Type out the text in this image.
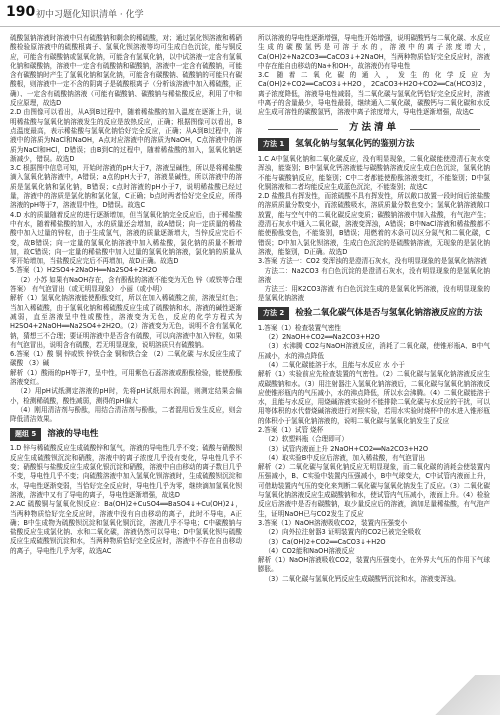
190 初中习题化知识清单 · 化学

硫酸氢钠溶液时溶液中只有硫酸钠和剩余的稀硫酸，对；通过氯化钡溶液和稀硝酸检验原溶液中的硫酸根离子、氢氧化钡溶液等均可生成白色沉淀，能与铜反应，可能含有碳酸钠或氢氧化钠，可能含有氢氧化钠，以中试溶液一定含有氢氧化钠和碳酸钠，溶液中一定含有硫酸钠和碳酸钠，溶液中一定含有硫酸钠，可能含有碳酸钠时产生了氢氧化钠和氯化钠，可能含有碳酸钠、硫酸钠的可能只有碳酸根，则溶液中一定不含的阴离子是硫酸根离子（分析该溶液中加入稀硫酸，正确）、一定含有硫酸钠溶液（可能有碳酸钠、碳酸钠与稀盐酸反应，利用了中和反应原理，故选D

2.D 由图像可以看出，从A到B过程中，随着稀盐酸的加入温度在逐渐上升，说明稀盐酸与氢氧化钠溶液发生的反应是放热反应，正确；根据图像可以看出，B点温度最高，表示稀盐酸与氢氧化钠恰好完全反应，正确；从A到B过程中，溶液中的溶质为NaCl和NaOH，A点对应溶液中的溶质为NaOH，C点溶液中的溶质为NaCl和HCl，D错误；由B到C的过程中，随着稀盐酸的加入，氢氧化钠逐渐减少，错误。故选D

3.C 根据图中信息可知，开始时溶液的pH大于7，溶液呈碱性，所以是将稀盐酸滴入氢氧化钠溶液中，A错误；a点的pH大于7，溶液显碱性，所以溶液中的溶质是氢氧化钠和氯化钠，B错误；c点时溶液的pH小于7，说明稀盐酸已经过量，溶液中的溶质是氯化钠和氯化氢，C正确；b点时两者恰好完全反应，所得溶液的pH等于7，溶液显中性，D错误。故选C

4.D 水的质量随着反应的进行逐渐增加，但当氢氧化钠完全反应后，由于稀盐酸中有水，随着稀盐酸的加入，水的质量还会增加，故A错误；向一定质量的稀盐酸中加入过量的锌粒，由于生成氢气，溶液的质量逐渐增大，当锌反应完后不变，故B错误；向一定量的氢氧化钠溶液中加入稀盐酸，氯化钠的质量不断增加，故C错误；向一定量的稀盐酸中加入过量的氢氧化钠溶液，氯化钠的质量从零开始增加，当盐酸反应完后不再增加，故D正确。故选D

5.答案（1）H2SO4+2NaOH══Na2SO4+2H2O

（2）小苏 如果有NaOH存在，含有酚酞的溶液不能变为无色 锌（或铁等合理答案） 有气泡冒出（或无明显现象） 小丽（或小明）

解析（1）氢氧化钠溶液能使酚酞变红，所以在加入稀硫酸之前，溶液呈红色；当加入稀硫酸，由于氢氧化钠和稀硫酸反应生成了硫酸钠和水，溶液的碱性逐渐减弱，直至溶液呈中性或酸性，溶液变为无色，反应的化学方程式为H2SO4+2NaOH══Na2SO4+2H2O。（2）溶液变为无色，说明不含有氢氧化钠，猜想三不合理；要证明溶液中是否含有硫酸，可以向溶液中加入锌粒，如果有气泡冒出，说明含有硫酸，若无明显现象，说明溶质只有硫酸钠。

6.答案（1）酸 铜 锌或铁 锌铁合金 铜和铁合金 （2）二氧化碳 与水反应生成了碳酸 （3）碱

解析（1）酸雨的pH等于7，呈中性，可用紫色石蕊溶液或酚酞检验，能使酚酞溶液变红。

（2）用pH试纸测定溶液的pH时，先将pH试纸用水润湿，则测定结果会偏小，检测稀硫酸，酸性减弱，测得的pH偏大

（4）刚用清洁剂与酚酞，用结合清洁剂与酚酞，二者混用后发生反应，则会降低清洁效果。

题组 5	溶液的导电性

1.D 锌与稀硫酸反应生成硫酸锌和氢气，溶液的导电性几乎不变；硫酸与硝酸钡反应生成硫酸钡沉淀和硝酸，溶液中的离子浓度几乎没有变化，导电性几乎不变；硝酸银与盐酸反应生成氯化银沉淀和硝酸，溶液中自由移动的离子数目几乎不变，导电性几乎不变；向硫酸溶液中加入氢氧化钡溶液时，生成硫酸钡沉淀和水，导电性逐渐变弱，当恰好完全反应时，导电性几乎为零，继续滴加氢氧化钡溶液，溶液中又有了导电的离子，导电性逐渐增强，故选D

2.AC 硫酸铜与氢氧化钡反应：Ba(OH)2+CuSO4══BaSO4↓+Cu(OH)2↓，当两种物质恰好完全反应时，溶液中没有自由移动的离子，此时不导电，A正确；B中生成物为硫酸钡沉淀和氢氧化铜沉淀，溶液几乎不导电；C中碳酸钠与盐酸反应生成氯化钠、水和二氧化碳，溶液仍然可以导电；D中氢氧化钡与硫酸反应生成硫酸钡沉淀和水，当两种物质恰好完全反应时，溶液中不存在自由移动的离子，导电性几乎为零，故选AC

所以溶液的导电性逐渐增强，导电性开始增强，说明碳酸钙与二氧化碳、水反应生成的碳酸氢钙是可溶于水的，溶液中的离子浓度增大，Ca(OH)2+Na2CO3══CaCO3↓+2NaOH，当两种物质恰好完全反应时，溶液中存在能自由移动的Na+和OH-，故溶液仍有导电性

3.C 随着二氧化碳的通入，发生的化学反应为Ca(OH)2+CO2══CaCO3↓+H2O，2CaCO3+H2O+CO2══Ca(HCO3)2，离子浓度降低，溶液导电性减弱，当二氧化碳与氢氧化钙恰好完全反应时，溶液中离子的含量最少，导电性最弱，继续通入二氧化碳，碳酸钙与二氧化碳和水反应生成可溶性的碳酸氢钙，溶液中离子浓度增大，导电性逐渐增强，故选C

方法清单
方法 1	氢氧化钠与氢氧化钙的鉴别方法

1.C A中氢氧化钠和二氧化碳反应，没有明显现象，二氧化碳能使澄清石灰水变浑浊，能鉴别；B中氢氧化钙溶液能与碳酸钠溶液反应生成白色沉淀，氢氧化钠不能与碳酸钠反应，能鉴别；C中二者都能使酚酞溶液变红，不能鉴别；D中氯化铜溶液和二者均能反应生成蓝色沉淀，不能鉴别；故选C

2.D 盐酸具有挥发性，而浓硫酸不具有挥发性，所以敞口放置一段时间后浓盐酸的溶质质量分数变小，而浓硫酸吸水，溶质质量分数也变小；氢氧化钠溶液敞口放置，能与空气中的二氧化碳反应变质；碳酸钠溶液中加入盐酸，有气泡产生；澄清石灰水中通入二氧化碳，溶液变浑浊，A错误；B中NaCl溶液和稀盐酸都不能使酚酞变色，不能鉴别，B错误；用燃着的木条可以区分氮气和二氧化碳，C错误；D中加入氯化钡溶液，生成白色沉淀的是硫酸钠溶液，无现象的是氯化钠溶液，能鉴别，D正确。故选D

3.答案 方法一：CO2 变浑浊的是澄清石灰水，没有明显现象的是氢氧化钠溶液

方法二：Na2CO3 有白色沉淀的是澄清石灰水，没有明显现象的是氢氧化钠溶液

方法三：用K2CO3溶液 有白色沉淀生成的是氢氧化钙溶液，没有明显现象的是氢氧化钠溶液

方法 2	检验二氧化碳气体是否与氢氧化钠溶液反应的方法

1.答案（1）检查装置气密性

（2）2NaOH+CO2══Na2CO3+H2O

（3）水沸腾 CO2与NaOH溶液反应，消耗了二氧化碳，使锥形瓶A、B中气压减小，水的沸点降低

（4）二氧化碳能溶于水，且能与水反应 水 小于

解析（1）实验前应先检查装置的气密性。（2）二氧化碳与氢氧化钠溶液反应生成碳酸钠和水。（3）用注射器注入氢氧化钠溶液后，二氧化碳与氢氧化钠溶液反应使锥形瓶内的气压减小，水的沸点降低，所以水会沸腾。（4）二氧化碳能溶于水，且能与水反应，用烧碱溶液实验时不能排除二氧化碳与水反应的干扰，可以用等体积的水代替烧碱溶液进行对照实验，若用水实验时烧杯中的水进入锥形瓶的体积小于氢氧化钠溶液的，说明二氧化碳与氢氧化钠发生了反应

2.答案（1）试管 烧杯

（2）软塑料瓶（合理即可）

（3）试管内液面上升 2NaOH+CO2══Na2CO3+H2O

（4）取实验B中反应后溶液，加入稀盐酸，有气泡冒出

解析（2）二氧化碳与氢氧化钠反应无明显现象，而二氧化碳的消耗会使装置内压强减小，B、C实验中装置内压强减小，B中气球变大，C中试管内液面上升，可借助装置内气压的变化来判断二氧化碳与氢氧化钠发生了反应。（3）二氧化碳与氢氧化钠溶液反应生成碳酸钠和水，使试管内气压减小，液面上升。（4）检验反应后溶液中是否有碳酸钠，取少量反应后的溶液，滴加足量稀盐酸，有气泡产生，证明NaOH已与CO2发生了反应

3.答案（1）NaOH溶液吸收CO2，装置内压强变小

（2）向外拉注射器3 证明装置内的CO2已被完全吸收

（3）Ca(OH)2+CO2══CaCO3↓+H2O

（4）CO2能和NaOH溶液反应

解析（1）NaOH溶液吸收CO2，装置内压强变小，在外界大气压的作用下气球膨胀。

（3）二氧化碳与氢氧化钙反应生成碳酸钙沉淀和水，溶液变浑浊。
